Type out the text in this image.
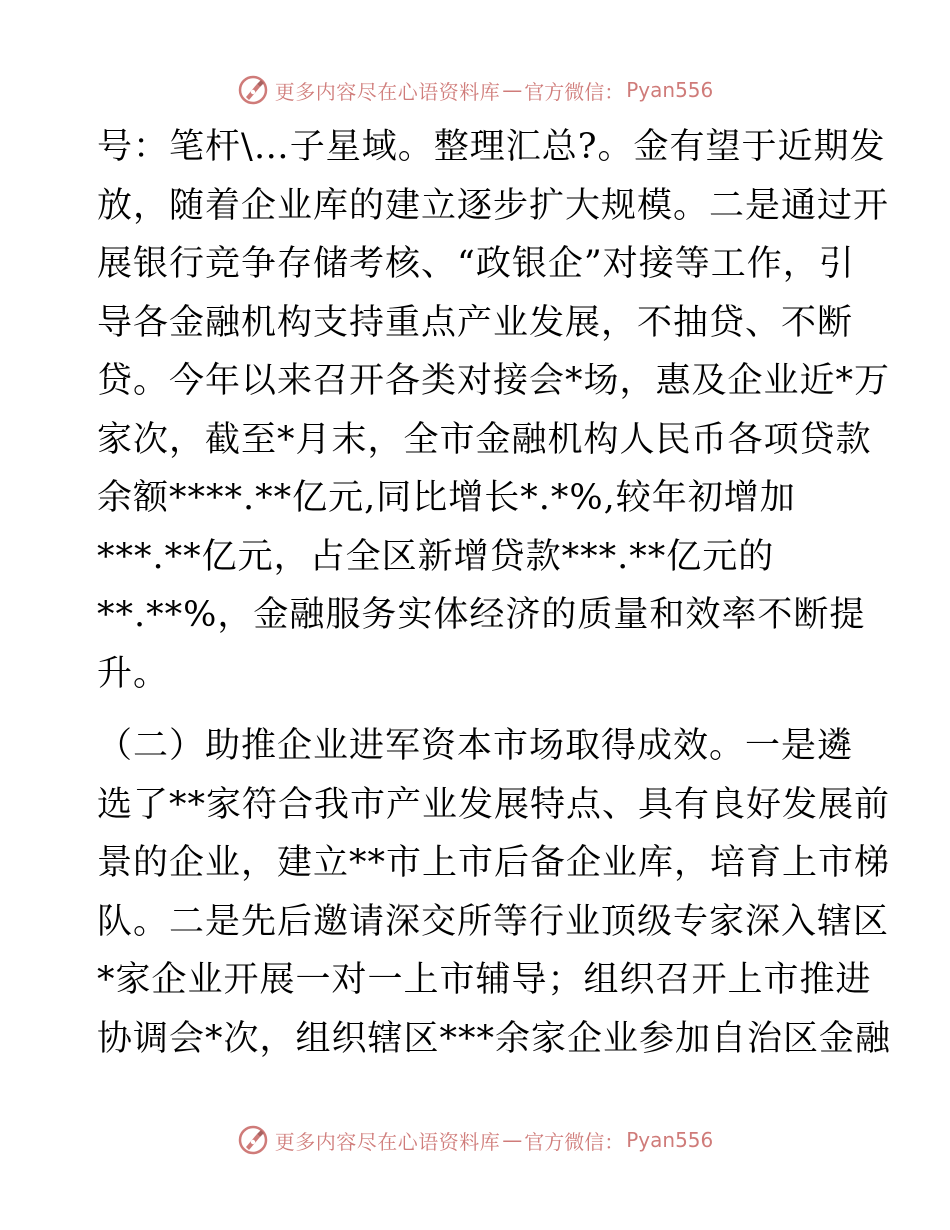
更多内容尽在心语资料库 — 官方微信： Pyan556
号：笔杆\…子星域。整理汇总?。金有望于近期发
放，随着企业库的建立逐步扩大规模。二是通过开
展银行竞争存储考核、“政银企”对接等工作，引
导各金融机构支持重点产业发展，不抽贷、不断
贷。今年以来召开各类对接会*场，惠及企业近*万
家次，截至*月末，全市金融机构人民币各项贷款
余额****.**亿元,同比增长*.*%,较年初增加
***.**亿元，占全区新增贷款***.**亿元的
**.**%，金融服务实体经济的质量和效率不断提
升。
（二）助推企业进军资本市场取得成效。一是遴
选了**家符合我市产业发展特点、具有良好发展前
景的企业，建立**市上市后备企业库，培育上市梯
队。二是先后邀请深交所等行业顶级专家深入辖区
*家企业开展一对一上市辅导；组织召开上市推进
协调会*次，组织辖区***余家企业参加自治区金融
更多内容尽在心语资料库 — 官方微信： Pyan556
